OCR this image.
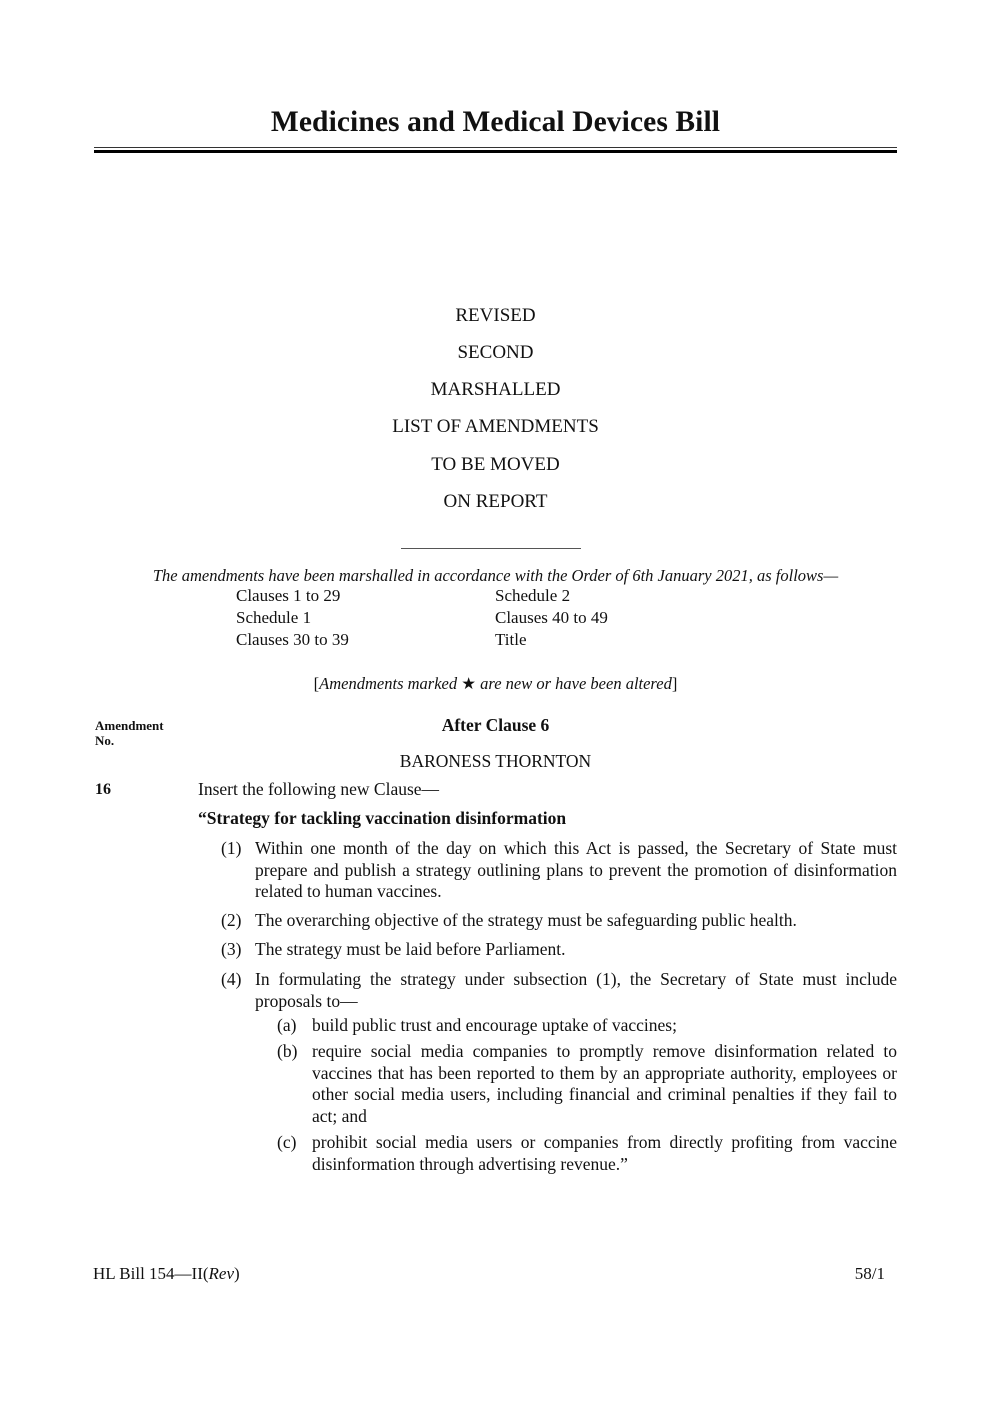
Medicines and Medical Devices Bill
REVISED
SECOND
MARSHALLED
LIST OF AMENDMENTS
TO BE MOVED
ON REPORT
The amendments have been marshalled in accordance with the Order of 6th January 2021, as follows—
Clauses 1 to 29
Schedule 1
Clauses 30 to 39
Schedule 2
Clauses 40 to 49
Title
[Amendments marked ★ are new or have been altered]
Amendment
No.
After Clause 6
BARONESS THORNTON
16	Insert the following new Clause—
“Strategy for tackling vaccination disinformation
(1) Within one month of the day on which this Act is passed, the Secretary of State must prepare and publish a strategy outlining plans to prevent the promotion of disinformation related to human vaccines.
(2) The overarching objective of the strategy must be safeguarding public health.
(3) The strategy must be laid before Parliament.
(4) In formulating the strategy under subsection (1), the Secretary of State must include proposals to—
(a) build public trust and encourage uptake of vaccines;
(b) require social media companies to promptly remove disinformation related to vaccines that has been reported to them by an appropriate authority, employees or other social media users, including financial and criminal penalties if they fail to act; and
(c) prohibit social media users or companies from directly profiting from vaccine disinformation through advertising revenue.”
HL Bill 154—II(Rev)	58/1
